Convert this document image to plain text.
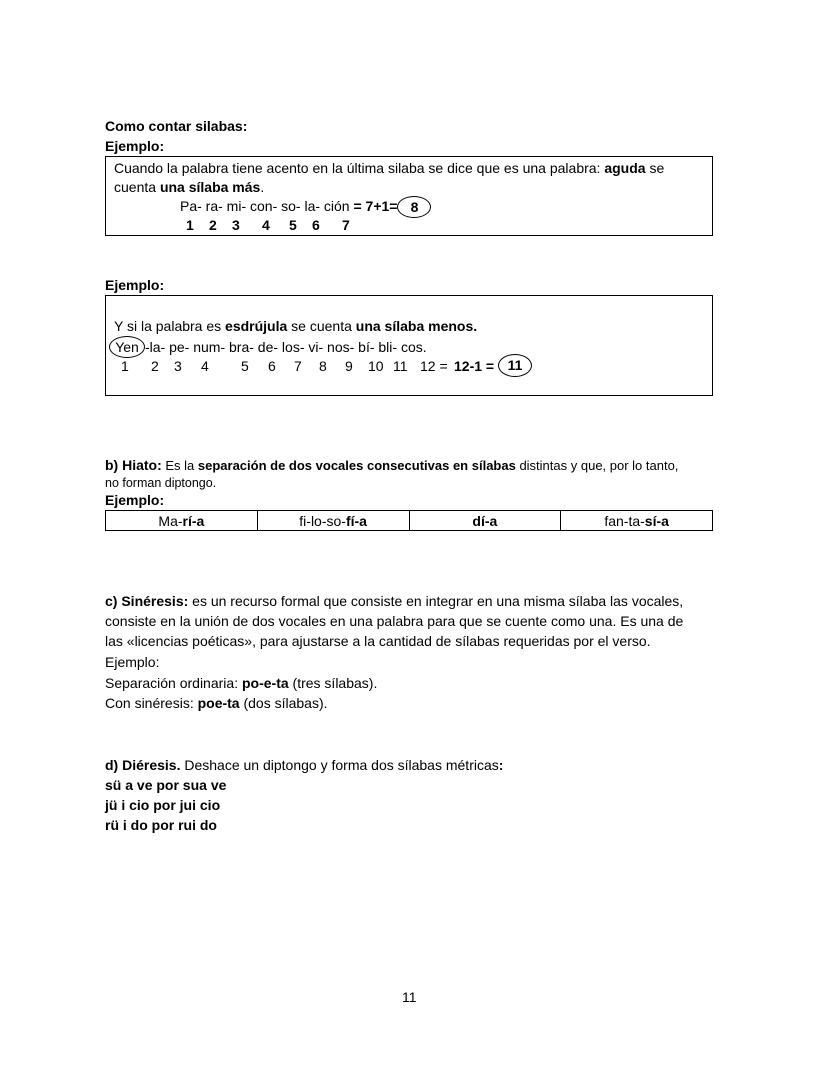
Como contar silabas:
Ejemplo:
Cuando la palabra tiene acento en la última silaba se dice que es una palabra: aguda se
cuenta una sílaba más.
Pa- ra- mi- con- so- la- ción = 7+1= 8
1 2 3 4 5 6 7
Ejemplo:
Y si la palabra es esdrújula se cuenta una sílaba menos.
Yen -la- pe- num- bra- de- los- vi- nos- bí- bli- cos.
1 2 3 4 5 6 7 8 9 10 11 12 = 12-1 = 11
b) Hiato: Es la separación de dos vocales consecutivas en sílabas distintas y que, por lo tanto,
no forman diptongo.
Ejemplo:
Ma-rí-a	fi-lo-so-fí-a	dí-a	fan-ta-sí-a
c) Sinéresis: es un recurso formal que consiste en integrar en una misma sílaba las vocales,
consiste en la unión de dos vocales en una palabra para que se cuente como una. Es una de
las «licencias poéticas», para ajustarse a la cantidad de sílabas requeridas por el verso.
Ejemplo:
Separación ordinaria: po-e-ta (tres sílabas).
Con sinéresis: poe-ta (dos sílabas).
d) Diéresis. Deshace un diptongo y forma dos sílabas métricas:
sü a ve por sua ve
jü i cio por jui cio
rü i do por rui do
11
